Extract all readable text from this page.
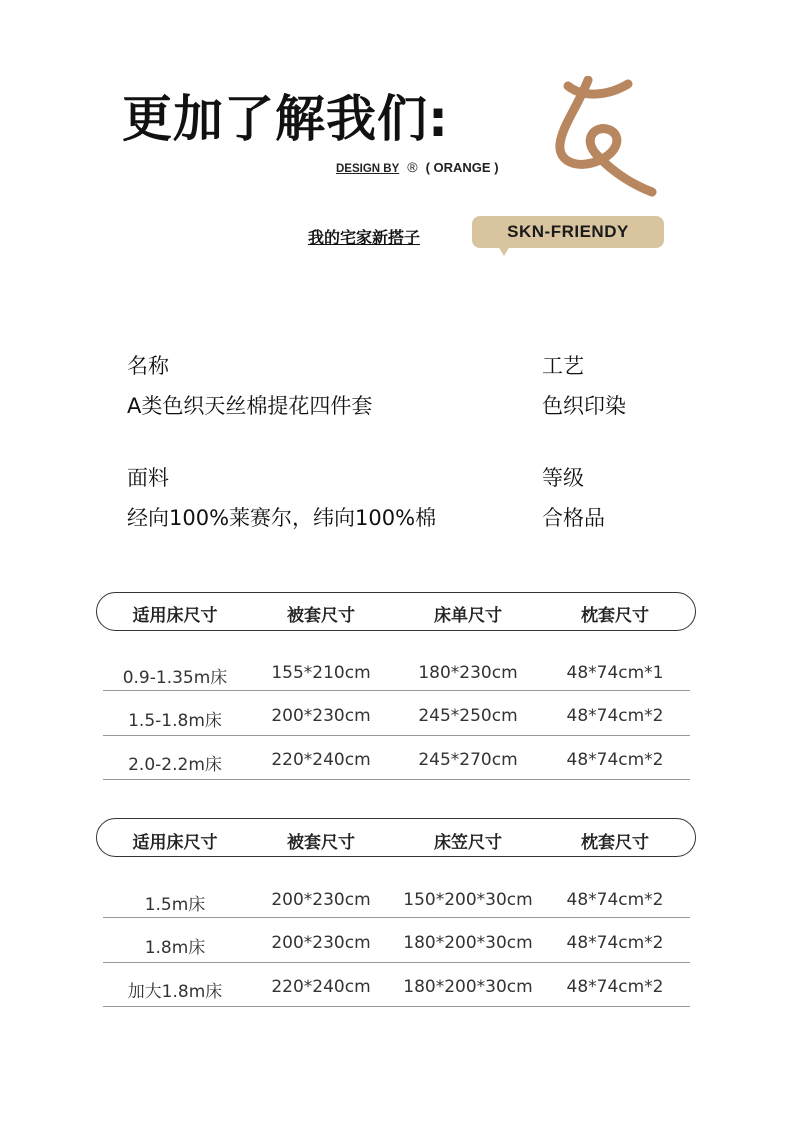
更加了解我们:
DESIGN BY ® ( ORANGE )
我的宅家新搭子	SKN-FRIENDY
名称
A类色织天丝棉提花四件套
工艺
色织印染
面料
经向100%莱赛尔，纬向100%棉
等级
合格品
适用床尺寸	被套尺寸	床单尺寸	枕套尺寸
0.9-1.35m床	155*210cm	180*230cm	48*74cm*1
1.5-1.8m床	200*230cm	245*250cm	48*74cm*2
2.0-2.2m床	220*240cm	245*270cm	48*74cm*2
适用床尺寸	被套尺寸	床笠尺寸	枕套尺寸
1.5m床	200*230cm	150*200*30cm	48*74cm*2
1.8m床	200*230cm	180*200*30cm	48*74cm*2
加大1.8m床	220*240cm	180*200*30cm	48*74cm*2
